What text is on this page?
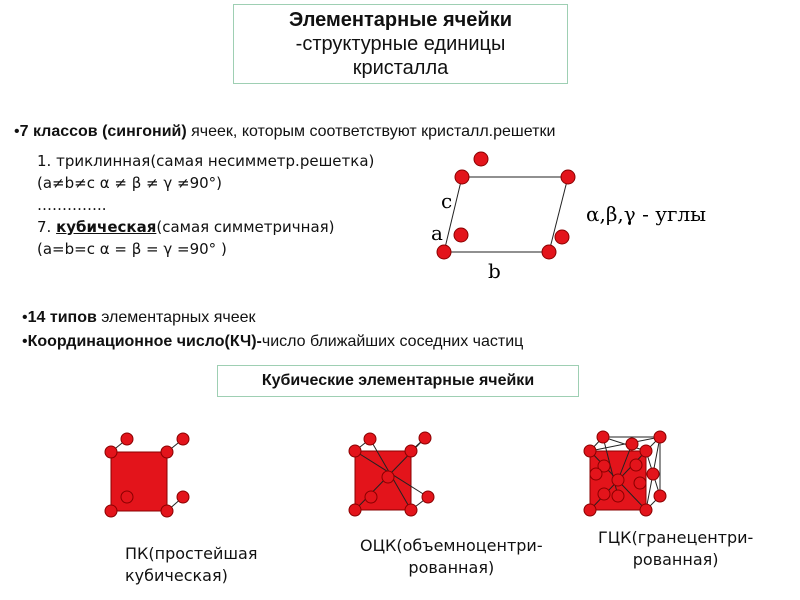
Элементарные ячейки
-структурные единицы
кристалла
•7 классов (сингоний) ячеек, которым соответствуют кристалл.решетки
1. триклинная(самая несимметр.решетка)
(a≠b≠c α ≠ β ≠ γ ≠90°)
…………..
7. кубическая(самая симметричная)
(a=b=c α = β = γ =90° )
•14 типов элементарных ячеек
•Координационное число(КЧ)-число ближайших соседних частиц
Кубические элементарные ячейки
c
a
b
α,β,γ - углы
ПК(простейшая
кубическая)
ОЦК(объемноцентри-
рованная)
ГЦК(гранецентри-
рованная)
